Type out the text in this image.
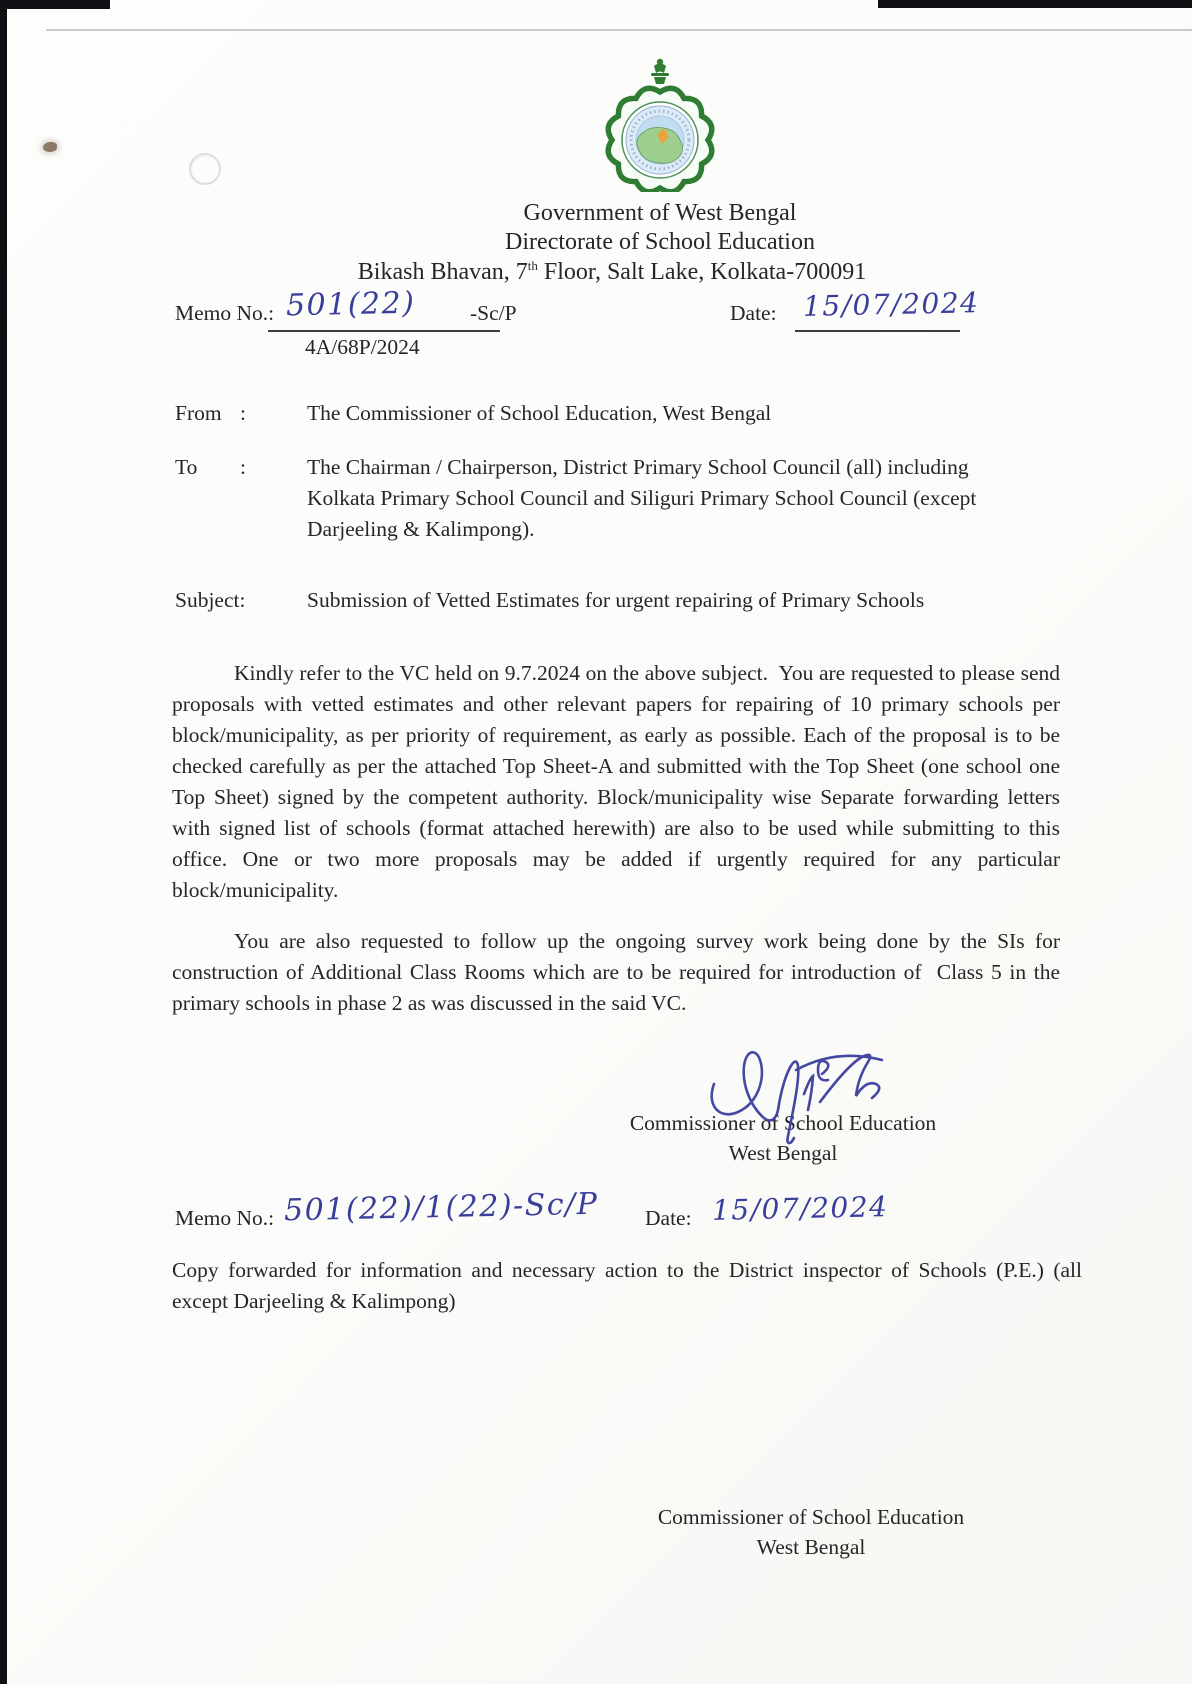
Government of West Bengal
Directorate of School Education
Bikash Bhavan, 7th Floor, Salt Lake, Kolkata-700091
Memo No.: 501(22)	-Sc/P
4A/68P/2024
Date: 15/07/2024
From :	The Commissioner of School Education, West Bengal
To :	The Chairman / Chairperson, District Primary School Council (all) including Kolkata Primary School Council and Siliguri Primary School Council (except Darjeeling & Kalimpong).
Subject:	Submission of Vetted Estimates for urgent repairing of Primary Schools
Kindly refer to the VC held on 9.7.2024 on the above subject.  You are requested to please send proposals with vetted estimates and other relevant papers for repairing of 10 primary schools per block/municipality, as per priority of requirement, as early as possible. Each of the proposal is to be checked carefully as per the attached Top Sheet-A and submitted with the Top Sheet (one school one Top Sheet) signed by the competent authority. Block/municipality wise Separate forwarding letters with signed list of schools (format attached herewith) are also to be used while submitting to this office. One or two more proposals may be added if urgently required for any particular block/municipality.
You are also requested to follow up the ongoing survey work being done by the SIs for construction of Additional Class Rooms which are to be required for introduction of  Class 5 in the primary schools in phase 2 as was discussed in the said VC.
Commissioner of School Education
West Bengal
Memo No.: 501(22)/1(22)-Sc/P Date: 15/07/2024
Copy forwarded for information and necessary action to the District inspector of Schools (P.E.) (all except Darjeeling & Kalimpong)
Commissioner of School Education
West Bengal
